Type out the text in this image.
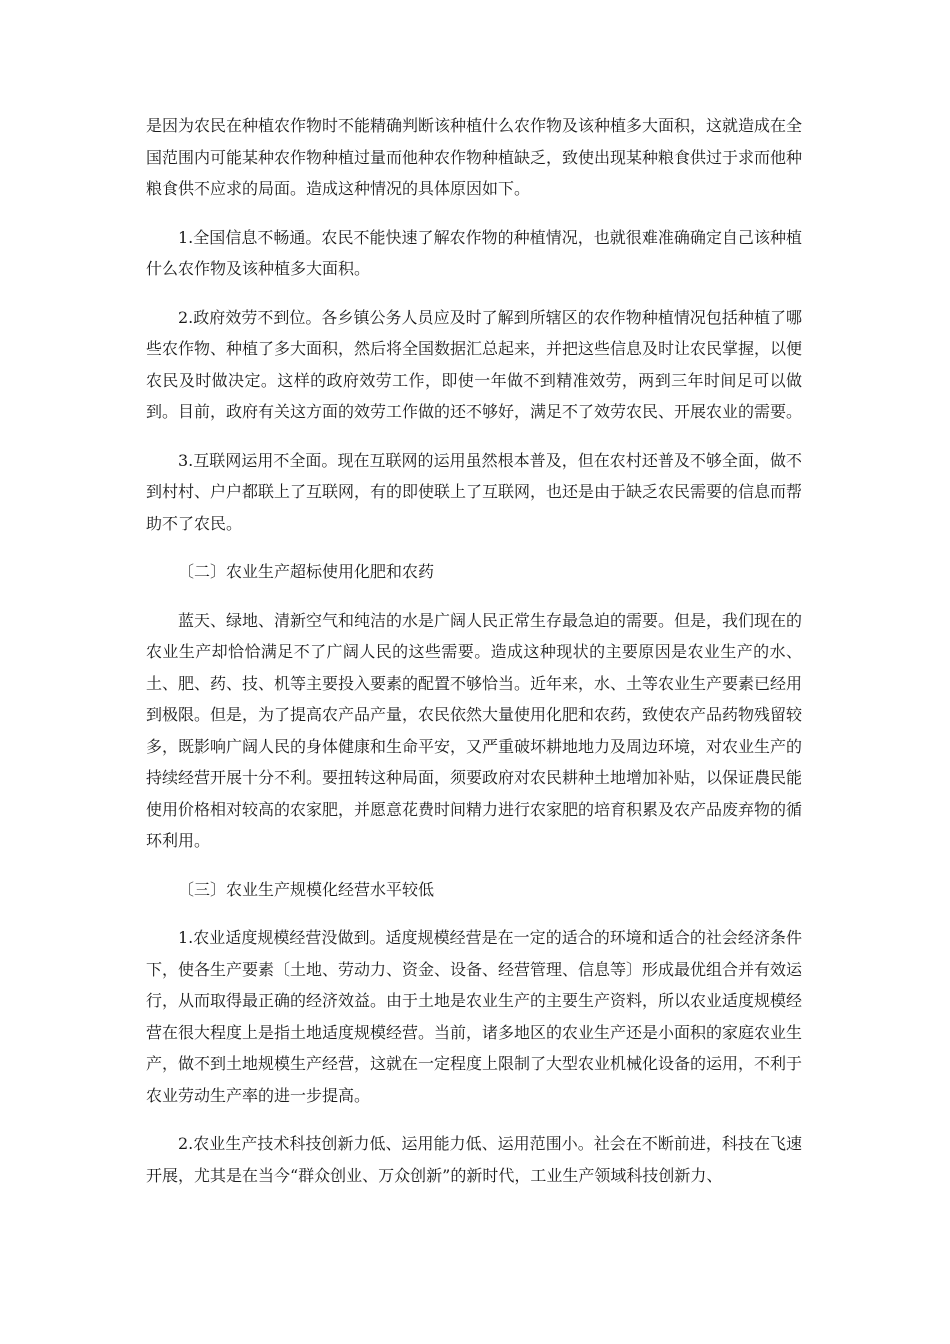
是因为农民在种植农作物时不能精确判断该种植什么农作物及该种植多大面积，这就造成在全国范围内可能某种农作物种植过量而他种农作物种植缺乏，致使出现某种粮食供过于求而他种粮食供不应求的局面。造成这种情况的具体原因如下。

1.全国信息不畅通。农民不能快速了解农作物的种植情况，也就很难准确确定自己该种植什么农作物及该种植多大面积。

2.政府效劳不到位。各乡镇公务人员应及时了解到所辖区的农作物种植情况包括种植了哪些农作物、种植了多大面积，然后将全国数据汇总起来，并把这些信息及时让农民掌握，以便农民及时做决定。这样的政府效劳工作，即使一年做不到精准效劳，两到三年时间足可以做到。目前，政府有关这方面的效劳工作做的还不够好，满足不了效劳农民、开展农业的需要。

3.互联网运用不全面。现在互联网的运用虽然根本普及，但在农村还普及不够全面，做不到村村、户户都联上了互联网，有的即使联上了互联网，也还是由于缺乏农民需要的信息而帮助不了农民。

〔二〕农业生产超标使用化肥和农药

蓝天、绿地、清新空气和纯洁的水是广阔人民正常生存最急迫的需要。但是，我们现在的农业生产却恰恰满足不了广阔人民的这些需要。造成这种现状的主要原因是农业生产的水、土、肥、药、技、机等主要投入要素的配置不够恰当。近年来，水、土等农业生产要素已经用到极限。但是，为了提高农产品产量，农民依然大量使用化肥和农药，致使农产品药物残留较多，既影响广阔人民的身体健康和生命平安，又严重破坏耕地地力及周边环境，对农业生产的持续经营开展十分不利。要扭转这种局面，须要政府对农民耕种土地增加补贴，以保证農民能使用价格相对较高的农家肥，并愿意花费时间精力进行农家肥的培育积累及农产品废弃物的循环利用。

〔三〕农业生产规模化经营水平较低

1.农业适度规模经营没做到。适度规模经营是在一定的适合的环境和适合的社会经济条件下，使各生产要素〔土地、劳动力、资金、设备、经营管理、信息等〕形成最优组合并有效运行，从而取得最正确的经济效益。由于土地是农业生产的主要生产资料，所以农业适度规模经营在很大程度上是指土地适度规模经营。当前，诸多地区的农业生产还是小面积的家庭农业生产，做不到土地规模生产经营，这就在一定程度上限制了大型农业机械化设备的运用，不利于农业劳动生产率的进一步提高。

2.农业生产技术科技创新力低、运用能力低、运用范围小。社会在不断前进，科技在飞速开展，尤其是在当今“群众创业、万众创新”的新时代，工业生产领域科技创新力、
